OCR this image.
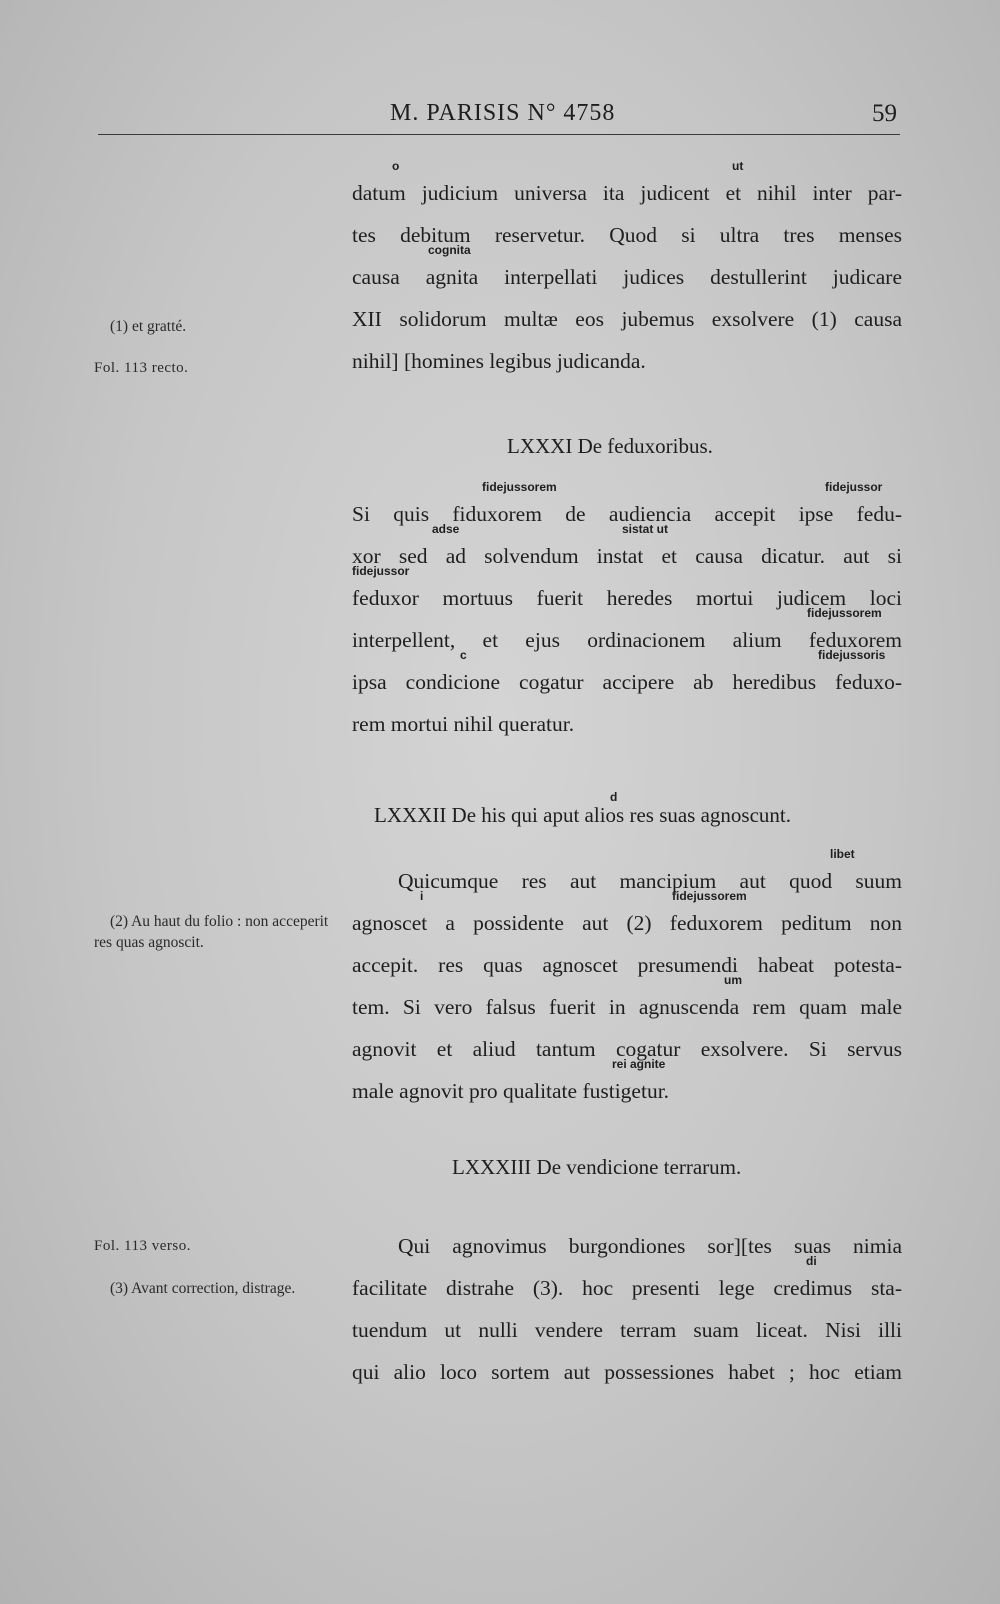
M. PARISIS N° 4758	59
(1) et gratté.
Fol. 113 recto.
(2) Au haut du folio : non acceperit res quas agnoscit.
Fol. 113 verso.
(3) Avant correction, distrage.
o	ut
datum judicium universa ita judicent et nihil inter par-
tes debitum reservetur. Quod si ultra tres menses
cognita
causa agnita interpellati judices destullerint judicare
XII solidorum multæ eos jubemus exsolvere (1) causa
nihil] [homines legibus judicanda.
LXXXI De feduxoribus.
fidejussorem	fidejussor
Si quis fiduxorem de audiencia accepit ipse fedu-
adse	sistat ut
xor sed ad solvendum instat et causa dicatur. aut si
fidejussor
feduxor mortuus fuerit heredes mortui judicem loci
fidejussorem
interpellent, et ejus ordinacionem alium feduxorem
c	fidejussoris
ipsa condicione cogatur accipere ab heredibus feduxo-
rem mortui nihil queratur.
d
LXXXII De his qui aput alios res suas agnoscunt.
libet
Quicumque res aut mancipium aut quod suum
i	fidejussorem
agnoscet a possidente aut (2) feduxorem peditum non
accepit. res quas agnoscet presumendi habeat potesta-
um
tem. Si vero falsus fuerit in agnuscenda rem quam male
agnovit et aliud tantum cogatur exsolvere. Si servus
rei agnite
male agnovit pro qualitate fustigetur.
LXXXIII De vendicione terrarum.
Qui agnovimus burgondiones sor][tes suas nimia
di
facilitate distrahe (3). hoc presenti lege credimus sta-
tuendum ut nulli vendere terram suam liceat. Nisi illi
qui alio loco sortem aut possessiones habet ; hoc etiam
